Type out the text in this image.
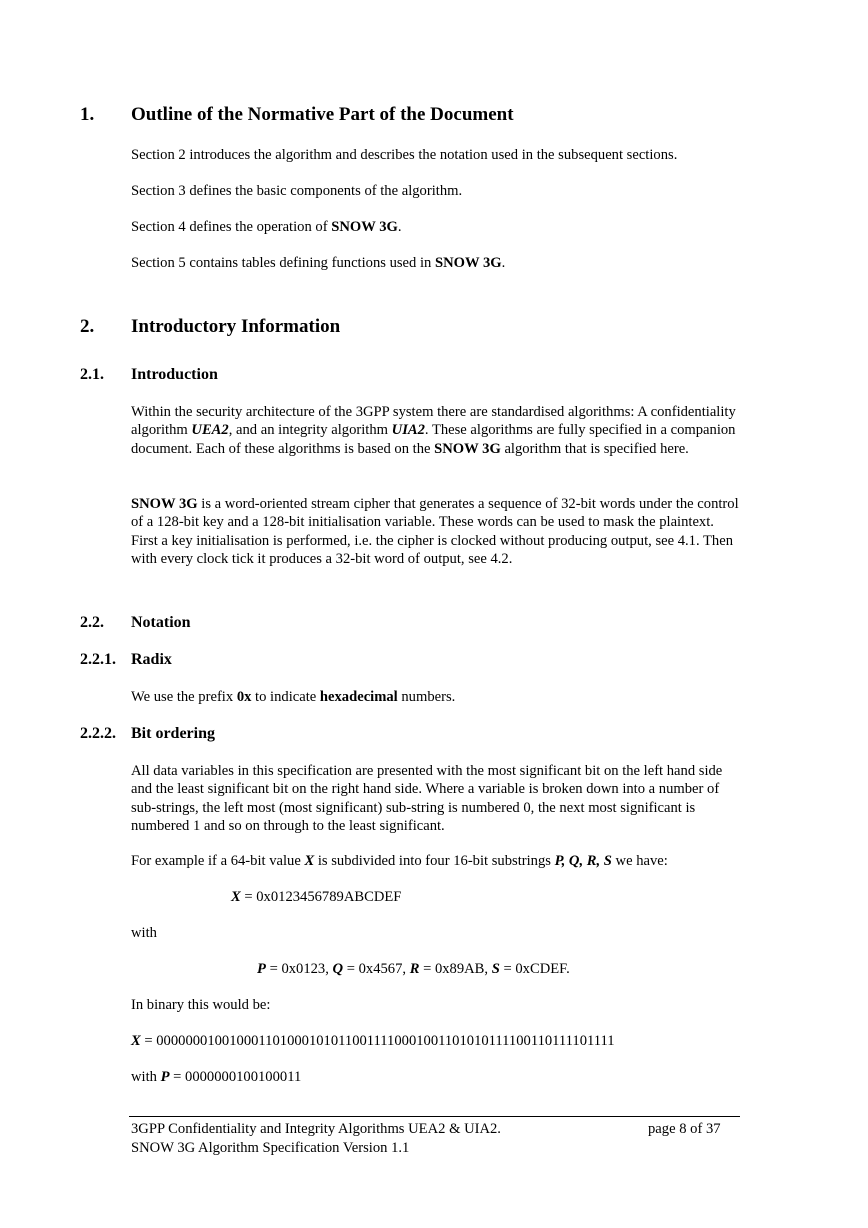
1. Outline of the Normative Part of the Document
Section 2 introduces the algorithm and describes the notation used in the subsequent sections.
Section 3 defines the basic components of the algorithm.
Section 4 defines the operation of SNOW 3G.
Section 5 contains tables defining functions used in SNOW 3G.
2. Introductory Information
2.1. Introduction
Within the security architecture of the 3GPP system there are standardised algorithms: A confidentiality algorithm UEA2, and an integrity algorithm UIA2. These algorithms are fully specified in a companion document. Each of these algorithms is based on the SNOW 3G algorithm that is specified here.
SNOW 3G is a word-oriented stream cipher that generates a sequence of 32-bit words under the control of a 128-bit key and a 128-bit initialisation variable. These words can be used to mask the plaintext. First a key initialisation is performed, i.e. the cipher is clocked without producing output, see 4.1. Then with every clock tick it produces a 32-bit word of output, see 4.2.
2.2. Notation
2.2.1. Radix
We use the prefix 0x to indicate hexadecimal numbers.
2.2.2. Bit ordering
All data variables in this specification are presented with the most significant bit on the left hand side and the least significant bit on the right hand side. Where a variable is broken down into a number of sub-strings, the left most (most significant) sub-string is numbered 0, the next most significant is numbered 1 and so on through to the least significant.
For example if a 64-bit value X is subdivided into four 16-bit substrings P, Q, R, S we have:
X = 0x0123456789ABCDEF
with
P = 0x0123, Q = 0x4567, R = 0x89AB, S = 0xCDEF.
In binary this would be:
X = 0000000100100011010001010110011110001001101010111100110111101111
with P = 0000000100100011
3GPP Confidentiality and Integrity Algorithms UEA2 & UIA2.
SNOW 3G Algorithm Specification Version 1.1
page 8 of 37
